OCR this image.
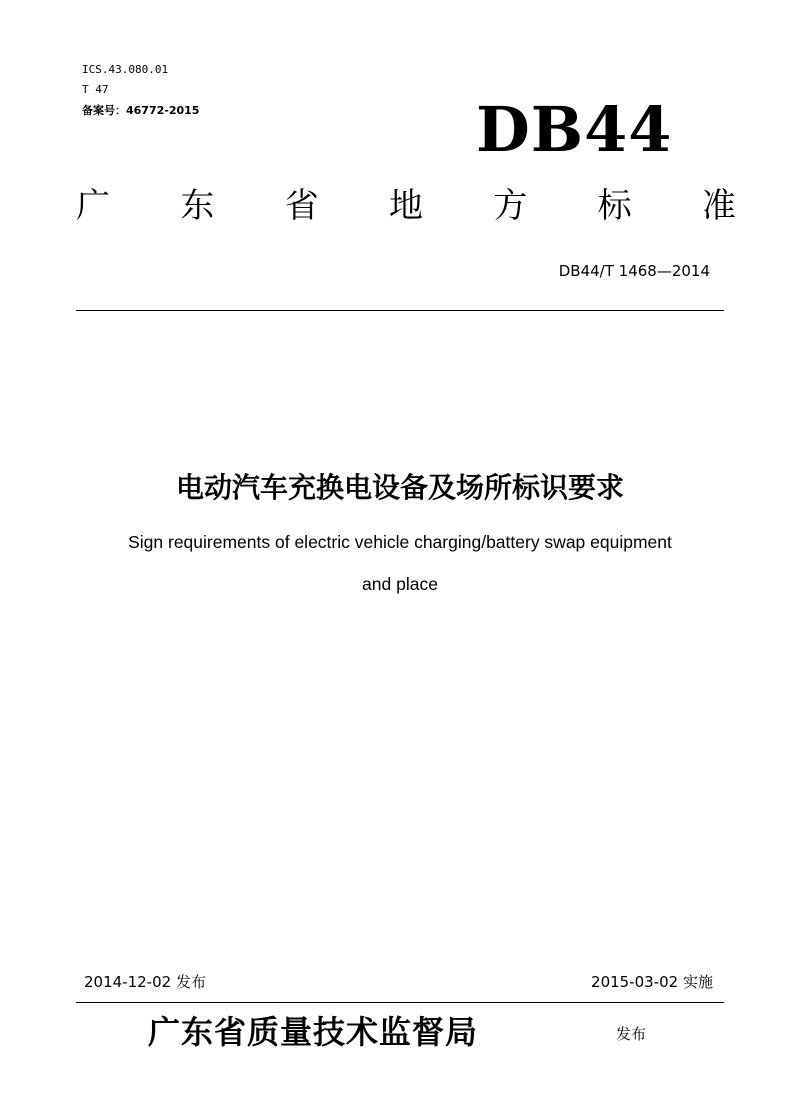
ICS.43.080.01
T 47
备案号：46772-2015	DB44
广 东 省 地 方 标 准
DB44/T 1468—2014
电动汽车充换电设备及场所标识要求
Sign requirements of electric vehicle charging/battery swap equipment
and place
2014-12-02 发布	2015-03-02 实施
广东省质量技术监督局	发布
